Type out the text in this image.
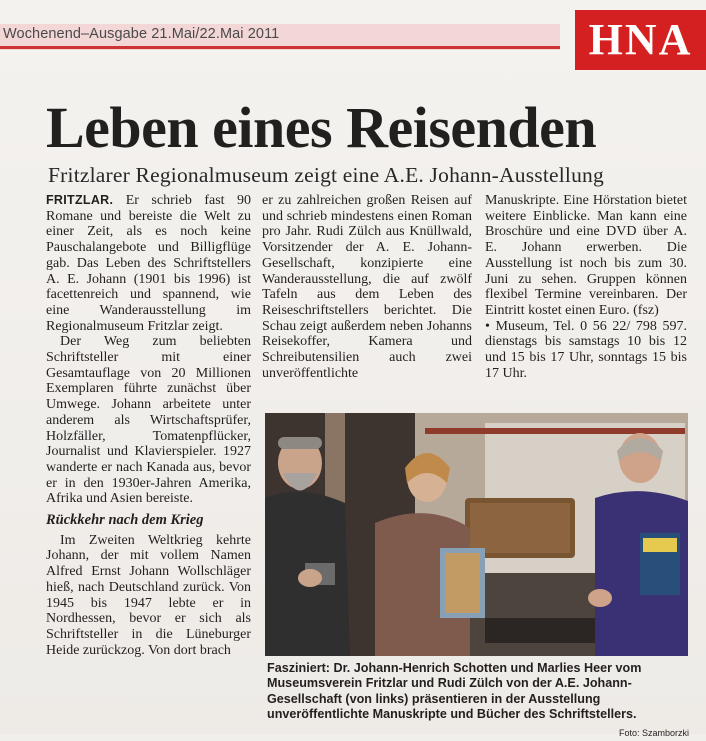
Wochenend–Ausgabe 21.Mai/22.Mai 2011	HNA
Leben eines Reisenden
Fritzlarer Regionalmuseum zeigt eine A.E. Johann-Ausstellung

FRITZLAR. Er schrieb fast 90 Romane und bereiste die Welt zu einer Zeit, als es noch keine Pauschalangebote und Billigflüge gab. Das Leben des Schriftstellers A. E. Johann (1901 bis 1996) ist facettenreich und spannend, wie eine Wanderausstellung im Regionalmuseum Fritzlar zeigt.

Der Weg zum beliebten Schriftsteller mit einer Gesamtauflage von 20 Millionen Exemplaren führte zunächst über Umwege. Johann arbeitete unter anderem als Wirtschaftsprüfer, Holzfäller, Tomatenpflücker, Journalist und Klavierspieler. 1927 wanderte er nach Kanada aus, bevor er in den 1930er-Jahren Amerika, Afrika und Asien bereiste.

Rückkehr nach dem Krieg

Im Zweiten Weltkrieg kehrte Johann, der mit vollem Namen Alfred Ernst Johann Wollschläger hieß, nach Deutschland zurück. Von 1945 bis 1947 lebte er in Nordhessen, bevor er sich als Schriftsteller in die Lüneburger Heide zurückzog. Von dort brach

er zu zahlreichen großen Reisen auf und schrieb mindestens einen Roman pro Jahr. Rudi Zülch aus Knüllwald, Vorsitzender der A. E. Johann-Gesellschaft, konzipierte eine Wanderausstellung, die auf zwölf Tafeln aus dem Leben des Reiseschriftstellers berichtet. Die Schau zeigt außerdem neben Johanns Reisekoffer, Kamera und Schreibutensilien auch zwei unveröffentlichte

Manuskripte. Eine Hörstation bietet weitere Einblicke. Man kann eine Broschüre und eine DVD über A. E. Johann erwerben. Die Ausstellung ist noch bis zum 30. Juni zu sehen. Gruppen können flexibel Termine vereinbaren. Der Eintritt kostet einen Euro. (fsz)

• Museum, Tel. 0 56 22/ 798 597. dienstags bis samstags 10 bis 12 und 15 bis 17 Uhr, sonntags 15 bis 17 Uhr.

Fasziniert: Dr. Johann-Henrich Schotten und Marlies Heer vom Museumsverein Fritzlar und Rudi Zülch von der A.E. Johann-Gesellschaft (von links) präsentieren in der Ausstellung unveröffentlichte Manuskripte und Bücher des Schriftstellers.
Foto: Szamborzki
